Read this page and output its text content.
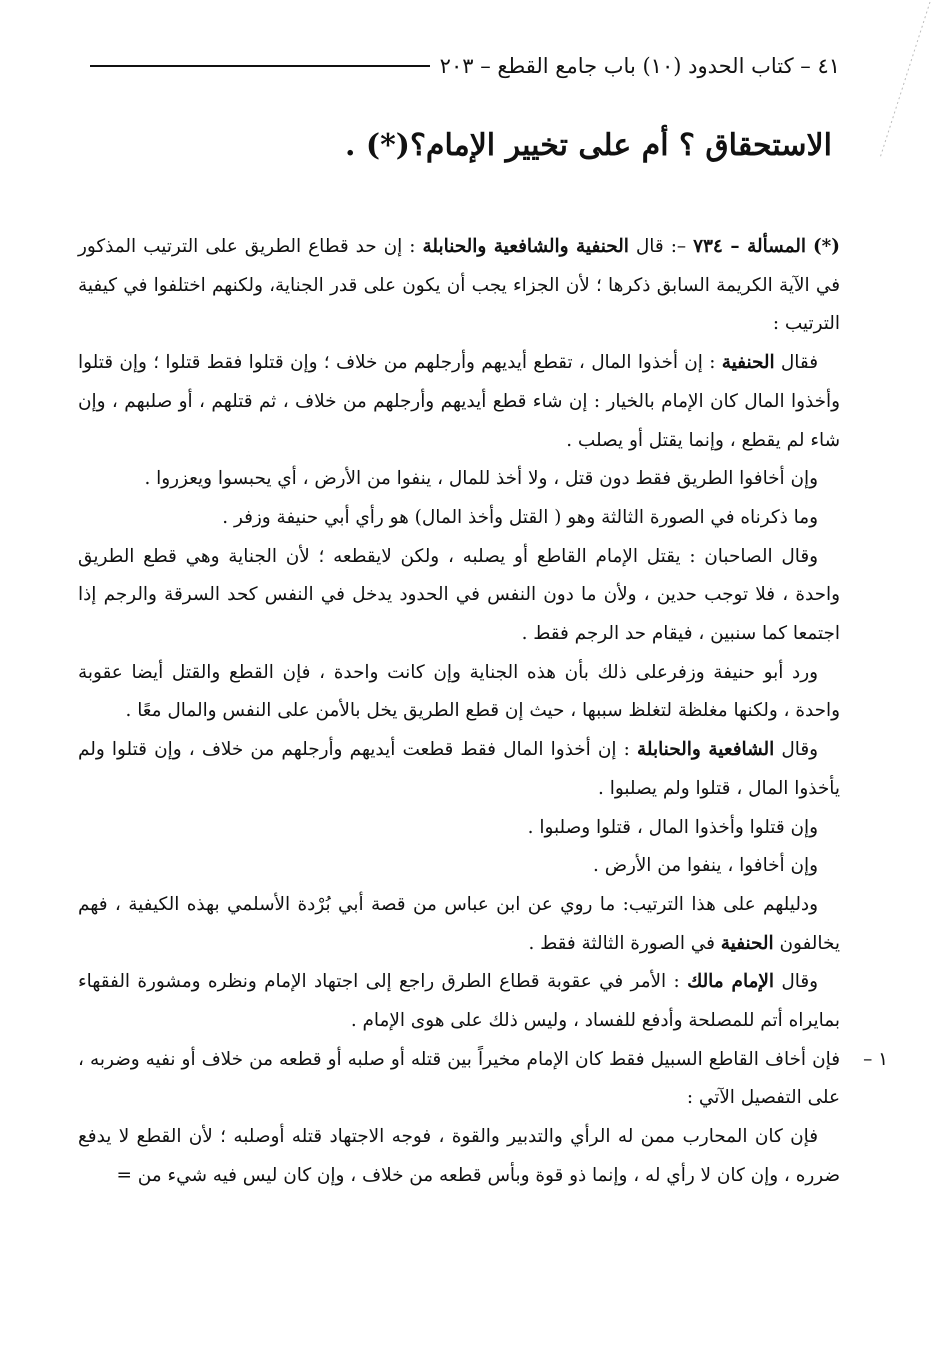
٤١ – كتاب الحدود (١٠) باب جامع القطع – ٢٠٣
الاستحقاق ؟ أم على تخيير الإمام؟(*) .

(*) المسألة – ٧٣٤ –: قال الحنفية والشافعية والحنابلة : إن حد قطاع الطريق على الترتيب المذكور في الآية الكريمة السابق ذكرها ؛ لأن الجزاء يجب أن يكون على قدر الجناية، ولكنهم اختلفوا في كيفية الترتيب :

فقال الحنفية : إن أخذوا المال ، تقطع أيديهم وأرجلهم من خلاف ؛ وإن قتلوا فقط قتلوا ؛ وإن قتلوا وأخذوا المال كان الإمام بالخيار : إن شاء قطع أيديهم وأرجلهم من خلاف ، ثم قتلهم ، أو صلبهم ، وإن شاء لم يقطع ، وإنما يقتل أو يصلب .

وإن أخافوا الطريق فقط دون قتل ، ولا أخذ للمال ، ينفوا من الأرض ، أي يحبسوا ويعزروا .

وما ذكرناه في الصورة الثالثة وهو ( القتل وأخذ المال) هو رأي أبي حنيفة وزفر .

وقال الصاحبان : يقتل الإمام القاطع أو يصلبه ، ولكن لايقطعه ؛ لأن الجناية وهي قطع الطريق واحدة ، فلا توجب حدين ، ولأن ما دون النفس في الحدود يدخل في النفس كحد السرقة والرجم إذا اجتمعا كما سنبين ، فيقام حد الرجم فقط .

ورد أبو حنيفة وزفرعلى ذلك بأن هذه الجناية وإن كانت واحدة ، فإن القطع والقتل أيضا عقوبة واحدة ، ولكنها مغلظة لتغلظ سببها ، حيث إن قطع الطريق يخل بالأمن على النفس والمال معًا .

وقال الشافعية والحنابلة : إن أخذوا المال فقط قطعت أيديهم وأرجلهم من خلاف ، وإن قتلوا ولم يأخذوا المال ، قتلوا ولم يصلبوا .

وإن قتلوا وأخذوا المال ، قتلوا وصلبوا .

وإن أخافوا ، ينفوا من الأرض .

ودليلهم على هذا الترتيب: ما روي عن ابن عباس من قصة أبي بُرْدة الأسلمي بهذه الكيفية ، فهم يخالفون الحنفية في الصورة الثالثة فقط .

وقال الإمام مالك : الأمر في عقوبة قطاع الطرق راجع إلى اجتهاد الإمام ونظره ومشورة الفقهاء بمايراه أتم للمصلحة وأدفع للفساد ، وليس ذلك على هوى الإمام .

١ –
فإن أخاف القاطع السبيل فقط كان الإمام مخيراً بين قتله أو صلبه أو قطعه من خلاف أو نفيه وضربه ، على التفصيل الآتي :

فإن كان المحارب ممن له الرأي والتدبير والقوة ، فوجه الاجتهاد قتله أوصلبه ؛ لأن القطع لا يدفع ضرره ، وإن كان لا رأي له ، وإنما ذو قوة وبأس قطعه من خلاف ، وإن كان ليس فيه شيء من =
